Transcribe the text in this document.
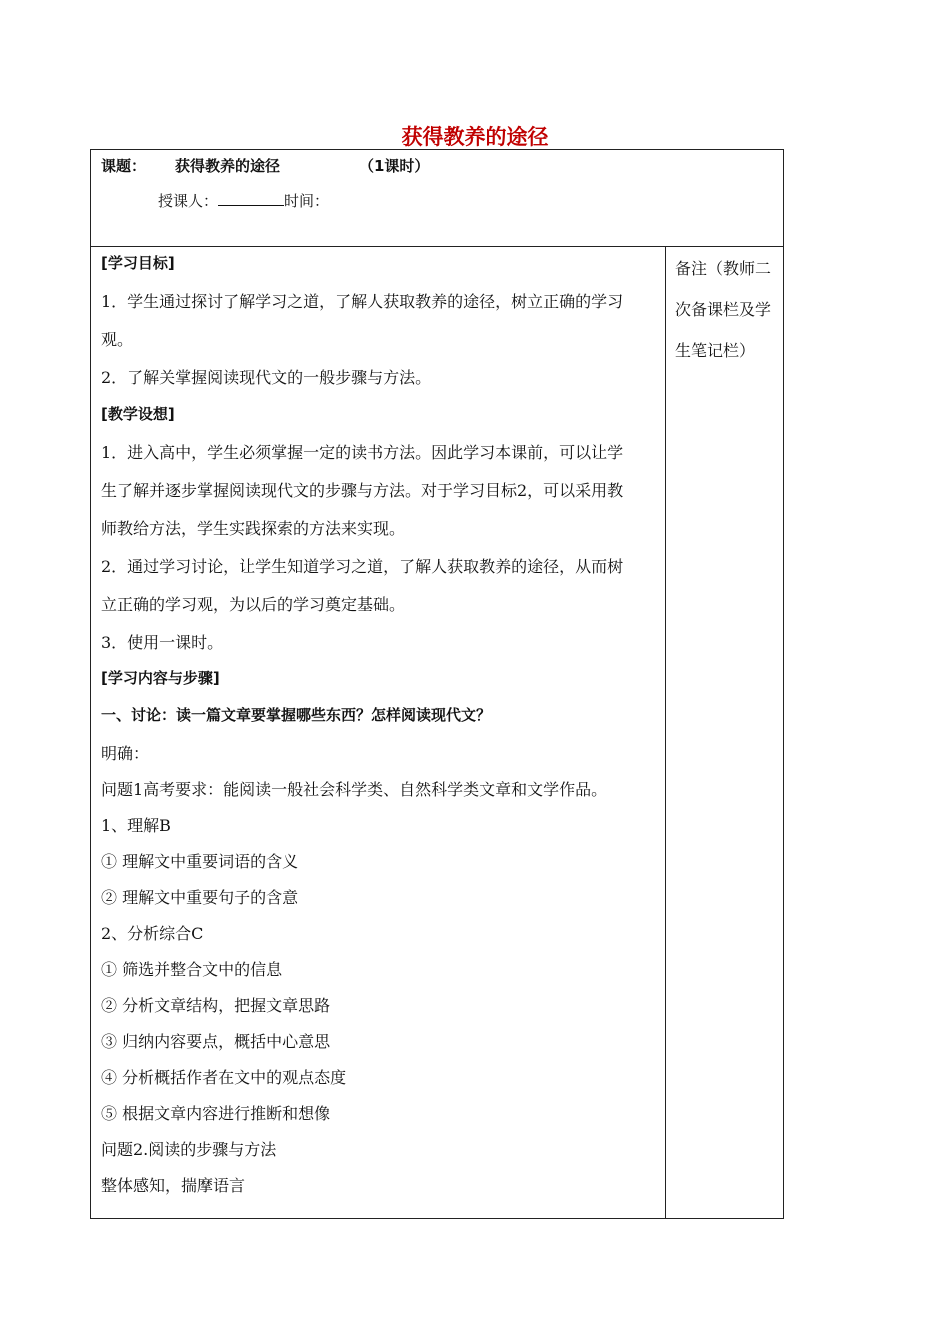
获得教养的途径
课题： 获得教养的途径	（1课时）
授课人：	时间：
备注（教师二次备课栏及学生笔记栏）
[学习目标]
1．学生通过探讨了解学习之道，了解人获取教养的途径，树立正确的学习
观。
2．了解关掌握阅读现代文的一般步骤与方法。
[教学设想]
1．进入高中，学生必须掌握一定的读书方法。因此学习本课前，可以让学
生了解并逐步掌握阅读现代文的步骤与方法。对于学习目标2，可以采用教
师教给方法，学生实践探索的方法来实现。
2．通过学习讨论，让学生知道学习之道，了解人获取教养的途径，从而树
立正确的学习观，为以后的学习奠定基础。
3．使用一课时。
[学习内容与步骤]
一、讨论：读一篇文章要掌握哪些东西？怎样阅读现代文？
明确：
问题1高考要求：能阅读一般社会科学类、自然科学类文章和文学作品。
1、理解B
① 理解文中重要词语的含义
② 理解文中重要句子的含意
2、分析综合C
① 筛选并整合文中的信息
② 分析文章结构，把握文章思路
③ 归纳内容要点，概括中心意思
④ 分析概括作者在文中的观点态度
⑤ 根据文章内容进行推断和想像
问题2.阅读的步骤与方法
整体感知，揣摩语言
